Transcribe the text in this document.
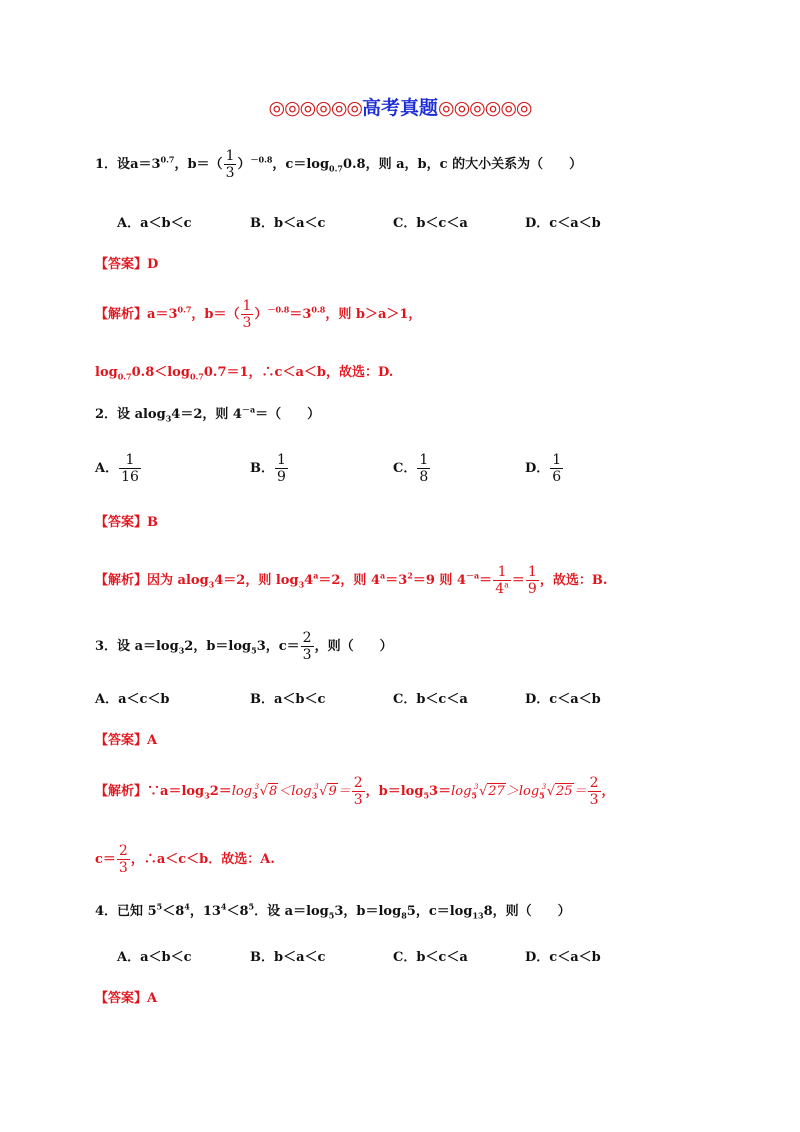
◎◎◎◎◎◎高考真题◎◎◎◎◎◎
1．设$a=3^{0.7}$，$b=( \frac{1}{3} )^{-0.8}$，$c=\log_{0.7}0.8$，则 a，b，c 的大小关系为（　　）
A．a＜b＜c	B．b＜a＜c	C．b＜c＜a	D．c＜a＜b
【答案】D
【解析】$a=3^{0.7}$，$b=( \frac{1}{3} )^{-0.8}=3^{0.8}$，则 b＞a＞1，
$\log_{0.7}0.8<\log_{0.7}0.7=1$，∴c＜a＜b，故选：D.
2．设 alog$_3$4＝2，则 $4^{-a}=$（　　）
A． $\frac{1}{16}$	B． $\frac{1}{9}$	C． $\frac{1}{8}$	D． $\frac{1}{6}$
【答案】B
【解析】因为 alog$_3$4＝2，则 $\log_34^a=2$，则 $4^a=3^2=9$ 则 $4^{-a}= \frac{1}{4^a} = \frac{1}{9}$ ，故选：B.
3．设 $a=\log_32$，$b=\log_53$，$c= \frac{2}{3}$ ，则（　　）
A．a＜c＜b	B．a＜b＜c	C．b＜c＜a	D．c＜a＜b
【答案】A
【解析】$\because a=\log_32=\log_3$
3 $√8<\log_3$
3 $√9= \frac{2}{3}$ ，$b=\log_53=\log_5$
3 $√27>\log_5$
3 $√25= \frac{2}{3}$ ，
$c= \frac{2}{3}$ ，∴a＜c＜b．故选：A.
4．已知 $5^5<8^4$，$13^4<8^5$．设 $a=\log_53$，$b=\log_85$，$c=\log_{13}8$，则（　　）
A．a＜b＜c	B．b＜a＜c	C．b＜c＜a	D．c＜a＜b
【答案】A
